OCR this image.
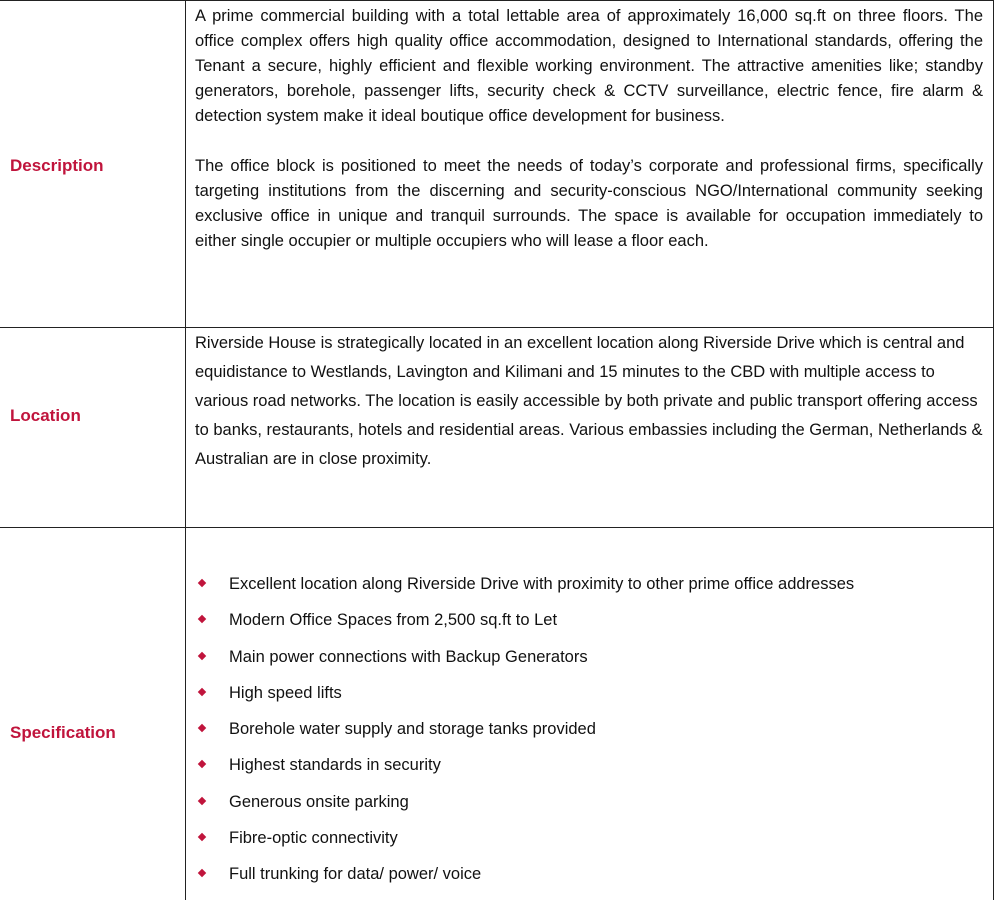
Description

A prime commercial building with a total lettable area of approximately 16,000 sq.ft on three floors. The office complex offers high quality office accommodation, designed to International standards, offering the Tenant a secure, highly efficient and flexible working environment. The attractive amenities like; standby generators, borehole, passenger lifts, security check & CCTV surveillance, electric fence, fire alarm & detection system make it ideal boutique office development for business.

The office block is positioned to meet the needs of today’s corporate and professional firms, specifically targeting institutions from the discerning and security-conscious NGO/International community seeking exclusive office in unique and tranquil surrounds. The space is available for occupation immediately to either single occupier or multiple occupiers who will lease a floor each.

Location

Riverside House is strategically located in an excellent location along Riverside Drive which is central and equidistance to Westlands, Lavington and Kilimani and 15 minutes to the CBD with multiple access to various road networks. The location is easily accessible by both private and public transport offering access to banks, restaurants, hotels and residential areas. Various embassies including the German, Netherlands & Australian are in close proximity.

Specification
Excellent location along Riverside Drive with proximity to other prime office addresses
Modern Office Spaces from 2,500 sq.ft to Let
Main power connections with Backup Generators
High speed lifts
Borehole water supply and storage tanks provided
Highest standards in security
Generous onsite parking
Fibre-optic connectivity
Full trunking for data/ power/ voice
